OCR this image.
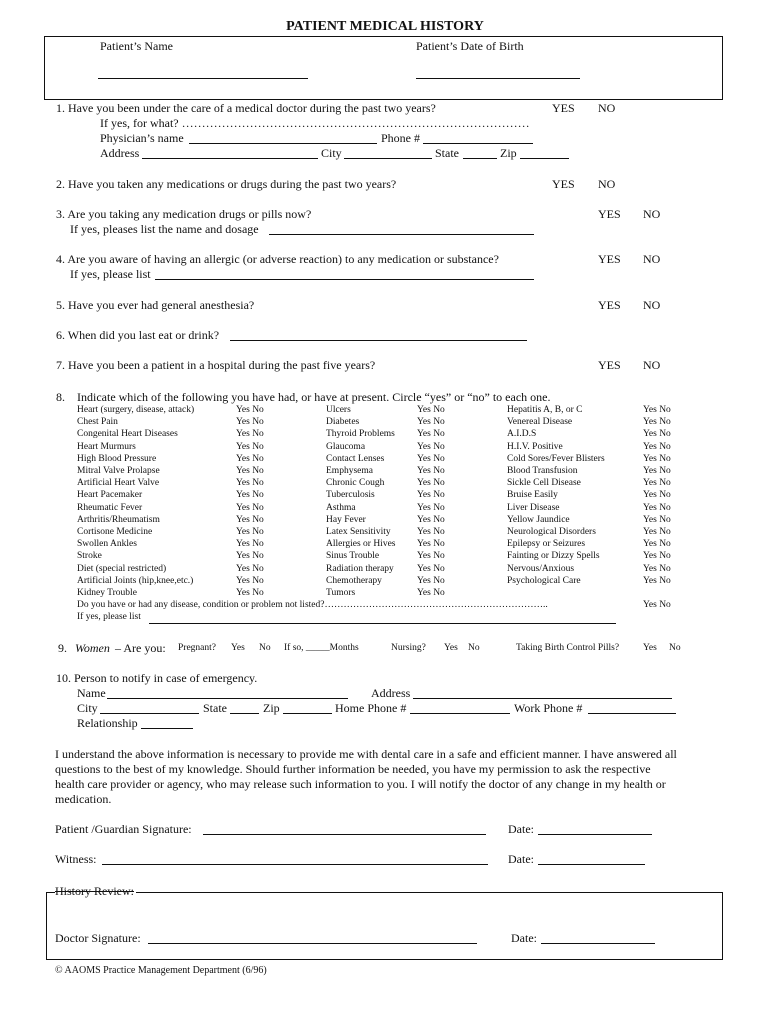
PATIENT MEDICAL HISTORY
Patient’s Name	Patient’s Date of Birth
1. Have you been under the care of a medical doctor during the past two years?	YES NO
If yes, for what? ……………………………………………………………………………
Physician’s name	Phone #
Address	City	State	Zip
2. Have you taken any medications or drugs during the past two years?	YES NO
3. Are you taking any medication drugs or pills now?	YES NO
If yes, pleases list the name and dosage
4. Are you aware of having an allergic (or adverse reaction) to any medication or substance?	YES NO
If yes, please list
5. Have you ever had general anesthesia?	YES NO
6. When did you last eat or drink?
7. Have you been a patient in a hospital during the past five years?	YES NO
8. Indicate which of the following you have had, or have at present. Circle “yes” or “no” to each one.
Heart (surgery, disease, attack)	Yes No
Chest Pain	Yes No
Congenital Heart Diseases	Yes No
Heart Murmurs	Yes No
High Blood Pressure	Yes No
Mitral Valve Prolapse	Yes No
Artificial Heart Valve	Yes No
Heart Pacemaker	Yes No
Rheumatic Fever	Yes No
Arthritis/Rheumatism	Yes No
Cortisone Medicine	Yes No
Swollen Ankles	Yes No
Stroke	Yes No
Diet (special restricted)	Yes No
Artificial Joints (hip,knee,etc.)	Yes No
Kidney Trouble	Yes No
Ulcers	Yes No
Diabetes	Yes No
Thyroid Problems Yes No
Glaucoma	Yes No
Contact Lenses	Yes No
Emphysema	Yes No
Chronic Cough	Yes No
Tuberculosis	Yes No
Asthma	Yes No
Hay Fever	Yes No
Latex Sensitivity	Yes No
Allergies or Hives Yes No
Sinus Trouble	Yes No
Radiation therapy Yes No
Chemotherapy	Yes No
Tumors	Yes No
Hepatitis A, B, or C	Yes No
Venereal Disease	Yes No
A.I.D.S	Yes No
H.I.V. Positive	Yes No
Cold Sores/Fever Blisters	Yes No
Blood Transfusion	Yes No
Sickle Cell Disease	Yes No
Bruise Easily	Yes No
Liver Disease	Yes No
Yellow Jaundice	Yes No
Neurological Disorders	Yes No
Epilepsy or Seizures	Yes No
Fainting or Dizzy Spells	Yes No
Nervous/Anxious	Yes No
Psychological Care	Yes No
Do you have or had any disease, condition or problem not listed?……………………………………………………………..	Yes No
If yes, please list
9. Women – Are you: Pregnant? Yes No If so, _____Months	Nursing? Yes No	Taking Birth Control Pills?	Yes No
10. Person to notify in case of emergency.
Name	Address
City	State	Zip	Home Phone #	Work Phone #
Relationship
I understand the above information is necessary to provide me with dental care in a safe and efficient manner. I have answered all
questions to the best of my knowledge. Should further information be needed, you have my permission to ask the respective
health care provider or agency, who may release such information to you. I will notify the doctor of any change in my health or
medication.
Patient /Guardian Signature:	Date:
Witness:	Date:
History Review:
Doctor Signature:	Date:
© AAOMS Practice Management Department (6/96)
